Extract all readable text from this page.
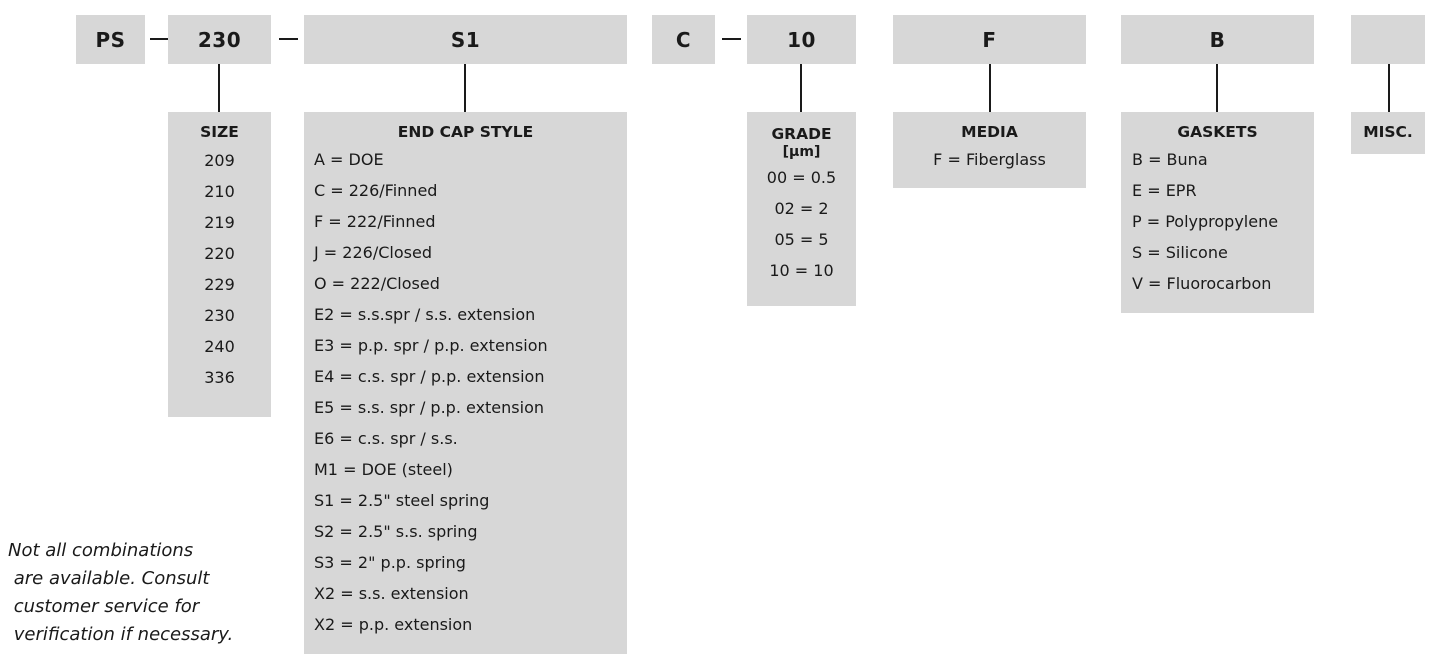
PS	230	S1	C	10	F	B
SIZE
209
210
219
220
229
230
240
336
END CAP STYLE
A = DOE
C = 226/Finned
F = 222/Finned
J = 226/Closed
O = 222/Closed
E2 = s.s.spr / s.s. extension
E3 = p.p. spr / p.p. extension
E4 = c.s. spr / p.p. extension
E5 = s.s. spr / p.p. extension
E6 = c.s. spr / s.s.
M1 = DOE (steel)
S1 = 2.5" steel spring
S2 = 2.5" s.s. spring
S3 = 2" p.p. spring
X2 = s.s. extension
X2 = p.p. extension
GRADE
[µm]
00 = 0.5
02 = 2
05 = 5
10 = 10
MEDIA
F = Fiberglass
GASKETS
B = Buna
E = EPR
P = Polypropylene
S = Silicone
V = Fluorocarbon
MISC.
Not all combinations
are available. Consult
customer service for
verification if necessary.
